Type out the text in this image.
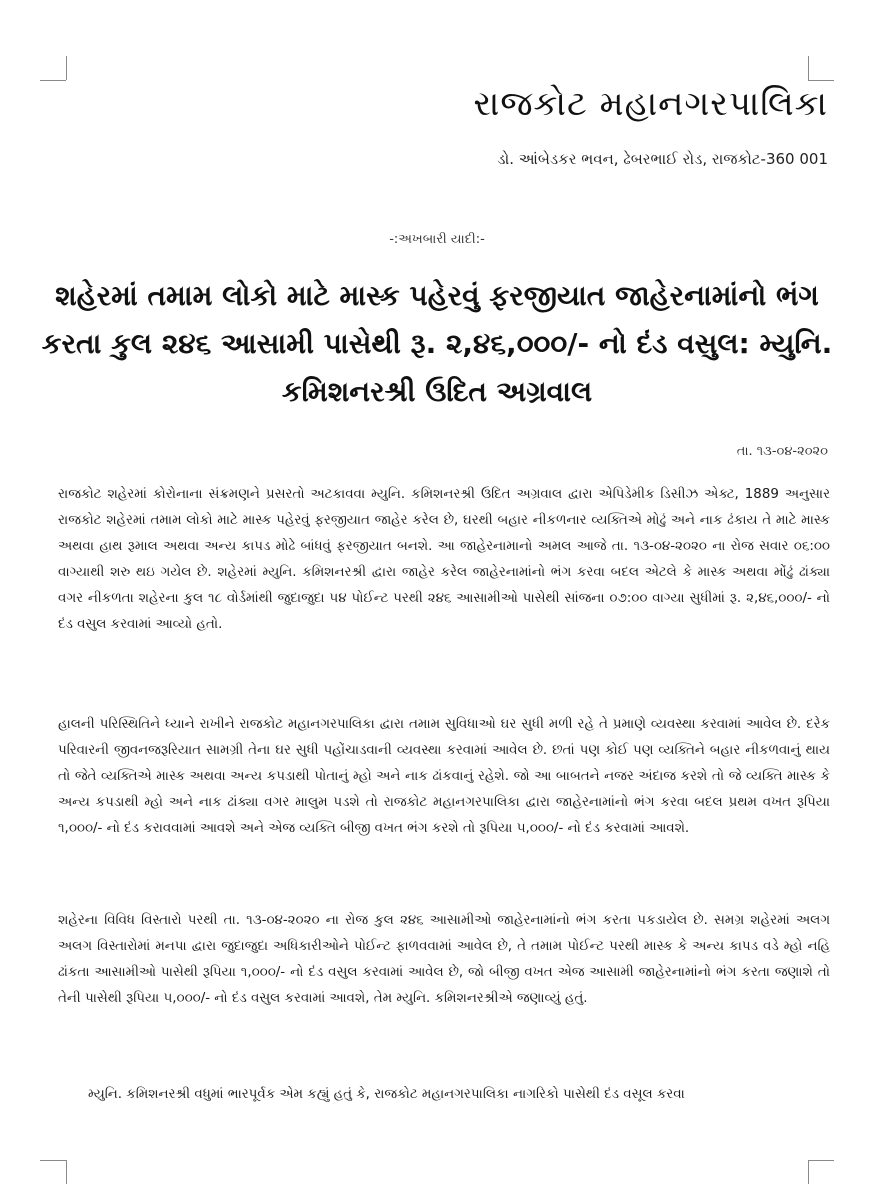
રાજકોટ મહાનગરપાલિકા
ડો. આંબેડકર ભવન, ઢેબરભાઈ રોડ, રાજકોટ-360 001
-:અખબારી યાદી:-
શહેરમાં તમામ લોકો માટે માસ્ક પહેરવું ફરજીયાત જાહેરનામાંનો ભંગ કરતા કુલ ૨૪૬ આસામી પાસેથી રૂ. ૨,૪૬,૦૦૦/- નો દંડ વસુલ: મ્યુનિ. કમિશનરશ્રી ઉદિત અગ્રવાલ
તા. ૧૩-૦૪-૨૦૨૦
રાજકોટ શહેરમાં કોરોનાના સંક્રમણને પ્રસરતો અટકાવવા મ્યુનિ. કમિશનરશ્રી ઉદિત અગ્રવાલ દ્વારા એપિડેમીક ડિસીઝ એક્ટ, 1889 અનુસાર રાજકોટ શહેરમાં તમામ લોકો માટે માસ્ક પહેરવું ફરજીયાત જાહેર કરેલ છે, ઘરથી બહાર નીકળનાર વ્યક્તિએ મોઢું અને નાક ઢંકાય તે માટે માસ્ક અથવા હાથ રૂમાલ અથવા અન્ય કાપડ મોઢે બાંધવું ફરજીયાત બનશે. આ જાહેરનામાનો અમલ આજે તા. ૧૩-૦૪-૨૦૨૦ ના રોજ સવાર ૦૬:૦૦ વાગ્યાથી શરુ થઇ ગયેલ છે. શહેરમાં મ્યુનિ. કમિશનરશ્રી દ્વારા જાહેર કરેલ જાહેરનામાંનો ભંગ કરવા બદલ એટલે કે માસ્ક અથવા મોંઢું ઢાંક્યા વગર નીકળતા શહેરના કુલ ૧૮ વોર્ડમાંથી જુદાજુદા ૫૪ પોઈન્ટ પરથી ૨૪૬ આસામીઓ પાસેથી સાંજના ૦૭:૦૦ વાગ્યા સુધીમાં રૂ. ૨,૪૬,૦૦૦/- નો દંડ વસુલ કરવામાં આવ્યો હતો.
હાલની પરિસ્થિતિને ધ્યાને રાખીને રાજકોટ મહાનગરપાલિકા દ્વારા તમામ સુવિધાઓ ઘર સુધી મળી રહે તે પ્રમાણે વ્યવસ્થા કરવામાં આવેલ છે. દરેક પરિવારની જીવનજરૂરિયાત સામગ્રી તેના ઘર સુધી પહોંચાડવાની વ્યવસ્થા કરવામાં આવેલ છે. છતાં પણ કોઈ પણ વ્યક્તિને બહાર નીકળવાનું થાય તો જેતે વ્યક્તિએ માસ્ક અથવા અન્ય કપડાથી પોતાનું મ્હો અને નાક ઢાંકવાનું રહેશે. જો આ બાબતને નજર અંદાજ કરશે તો જે વ્યક્તિ માસ્ક કે અન્ય કપડાથી મ્હો અને નાક ઢાંક્યા વગર માલુમ પડશે તો રાજકોટ મહાનગરપાલિકા દ્વારા જાહેરનામાંનો ભંગ કરવા બદલ પ્રથમ વખત રૂપિયા ૧,૦૦૦/- નો દંડ કરાવવામાં આવશે અને એજ વ્યક્તિ બીજી વખત ભંગ કરશે તો રૂપિયા ૫,૦૦૦/- નો દંડ કરવામાં આવશે.
શહેરના વિવિધ વિસ્તારો પરથી તા. ૧૩-૦૪-૨૦૨૦ ના રોજ કુલ ૨૪૬ આસામીઓ જાહેરનામાંનો ભંગ કરતા પકડાયેલ છે. સમગ્ર શહેરમાં અલગ અલગ વિસ્તારોમાં મનપા દ્વારા જુદાજુદા અધિકારીઓને પોઈન્ટ ફાળવવામાં આવેલ છે, તે તમામ પોઈન્ટ પરથી માસ્ક કે અન્ય કાપડ વડે મ્હો નહિ ઢાંકતા આસામીઓ પાસેથી રૂપિયા ૧,૦૦૦/- નો દંડ વસુલ કરવામાં આવેલ છે, જો બીજી વખત એજ આસામી જાહેરનામાંનો ભંગ કરતા જણાશે તો તેની પાસેથી રૂપિયા ૫,૦૦૦/- નો દંડ વસુલ કરવામાં આવશે, તેમ મ્યુનિ. કમિશનરશ્રીએ જણાવ્યું હતું.
મ્યુનિ. કમિશનરશ્રી વધુમાં ભારપૂર્વક એમ કહ્યું હતું કે, રાજકોટ મહાનગરપાલિકા નાગરિકો પાસેથી દંડ વસૂલ કરવા
